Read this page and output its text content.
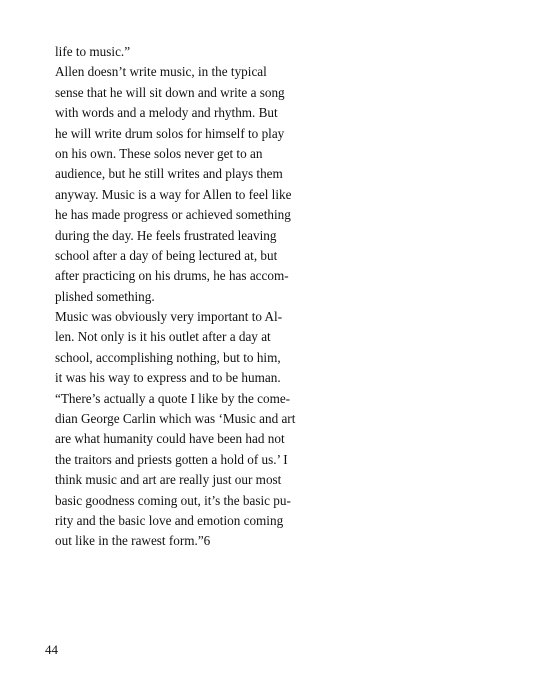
life to music.”
Allen doesn’t write music, in the typical
sense that he will sit down and write a song
with words and a melody and rhythm. But
he will write drum solos for himself to play
on his own. These solos never get to an
audience, but he still writes and plays them
anyway. Music is a way for Allen to feel like
he has made progress or achieved something
during the day. He feels frustrated leaving
school after a day of being lectured at, but
after practicing on his drums, he has accom-
plished something.
Music was obviously very important to Al-
len. Not only is it his outlet after a day at
school, accomplishing nothing, but to him,
it was his way to express and to be human.
“There’s actually a quote I like by the come-
dian George Carlin which was ‘Music and art
are what humanity could have been had not
the traitors and priests gotten a hold of us.’ I
think music and art are really just our most
basic goodness coming out, it’s the basic pu-
rity and the basic love and emotion coming
out like in the rawest form.”6

44
